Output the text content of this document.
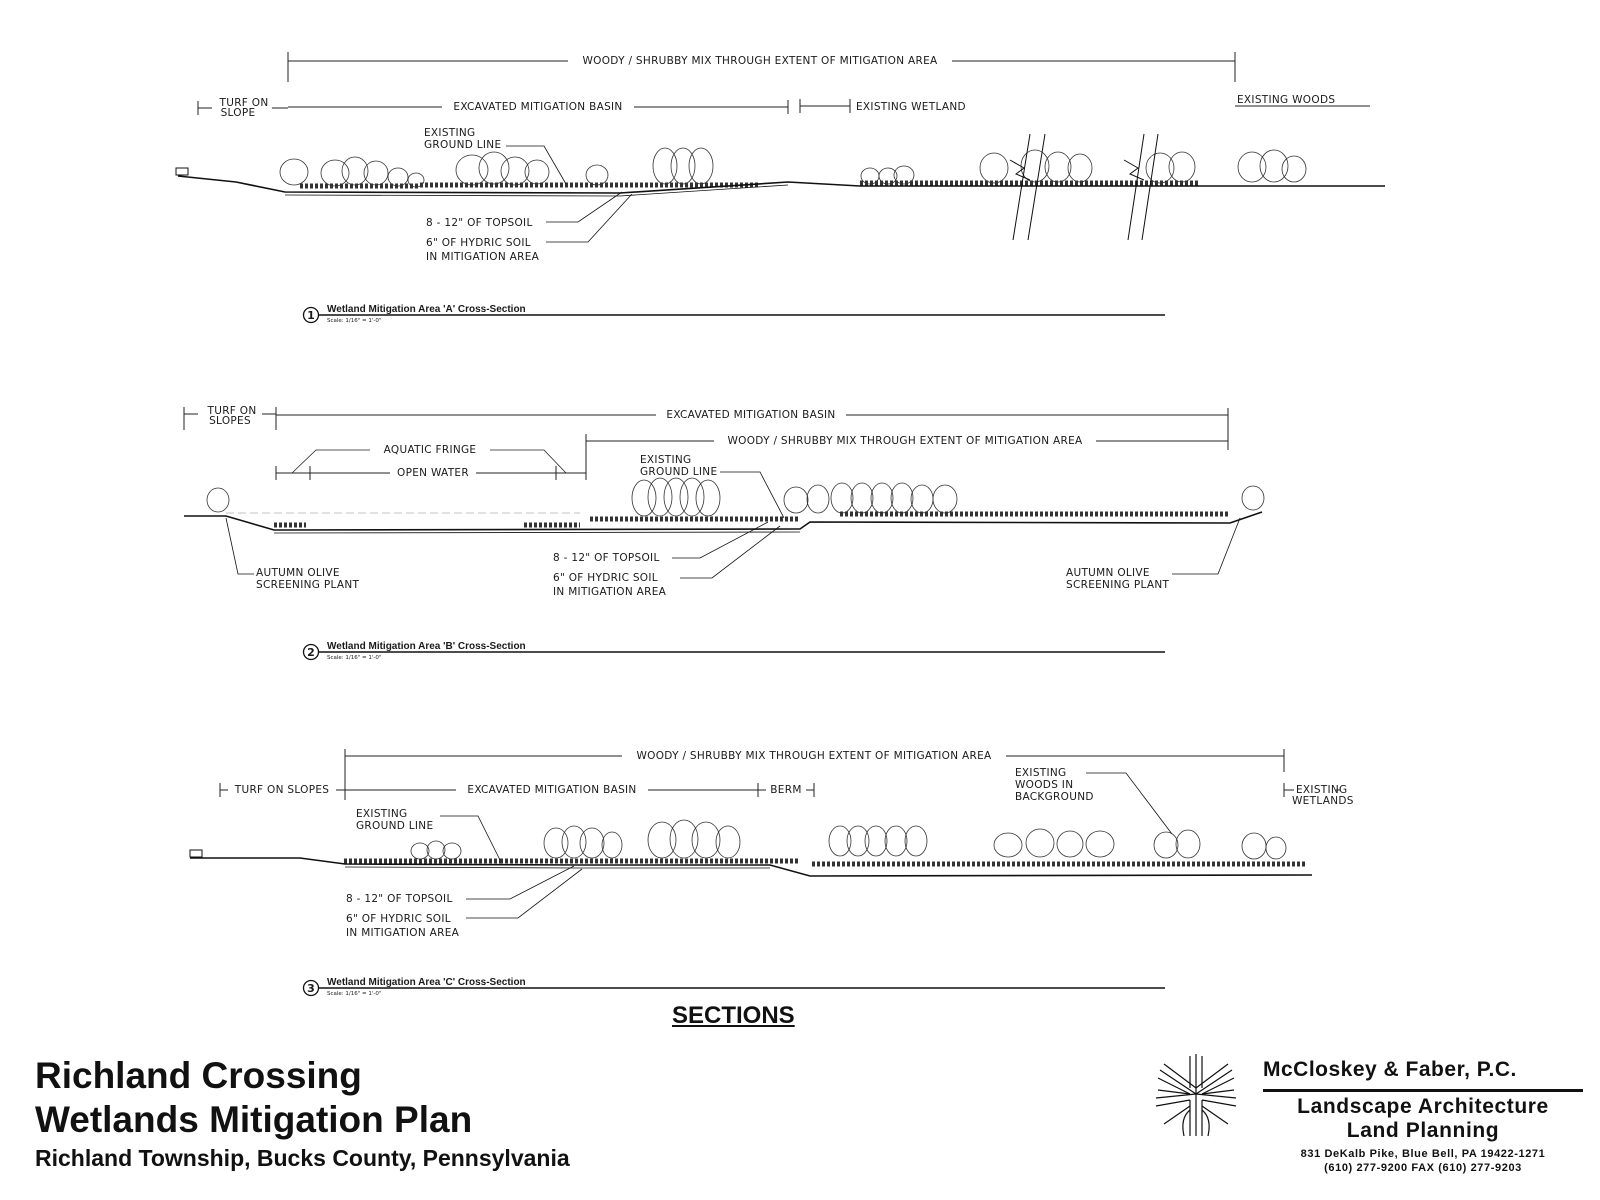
WOODY / SHRUBBY MIX THROUGH EXTENT OF MITIGATION AREA
TURF ON
SLOPE	EXCAVATED MITIGATION BASIN	EXISTING WETLAND
EXISTING WOODS
EXISTING
GROUND LINE
8 - 12" OF TOPSOIL
6" OF HYDRIC SOIL
IN MITIGATION AREA
1 Wetland Mitigation Area 'A' Cross-Section
Scale: 1/16" = 1'-0"
TURF ON
SLOPES	EXCAVATED MITIGATION BASIN
WOODY / SHRUBBY MIX THROUGH EXTENT OF MITIGATION AREA
AQUATIC FRINGE
OPEN WATER
EXISTING
GROUND LINE
8 - 12" OF TOPSOIL
6" OF HYDRIC SOIL
IN MITIGATION AREA
AUTUMN OLIVE
SCREENING PLANT
AUTUMN OLIVE
SCREENING PLANT
2 Wetland Mitigation Area 'B' Cross-Section
Scale: 1/16" = 1'-0"
WOODY / SHRUBBY MIX THROUGH EXTENT OF MITIGATION AREA
TURF ON SLOPES	EXCAVATED MITIGATION BASIN	BERM	EXISTING
WETLANDS
EXISTING
WOODS IN
BACKGROUND
EXISTING
GROUND LINE
8 - 12" OF TOPSOIL
6" OF HYDRIC SOIL
IN MITIGATION AREA
3 Wetland Mitigation Area 'C' Cross-Section
Scale: 1/16" = 1'-0"
SECTIONS
Richland Crossing
Wetlands Mitigation Plan
Richland Township, Bucks County, Pennsylvania
McCloskey & Faber, P.C.
Landscape Architecture
Land Planning
831 DeKalb Pike, Blue Bell, PA 19422-1271
(610) 277-9200 FAX (610) 277-9203
